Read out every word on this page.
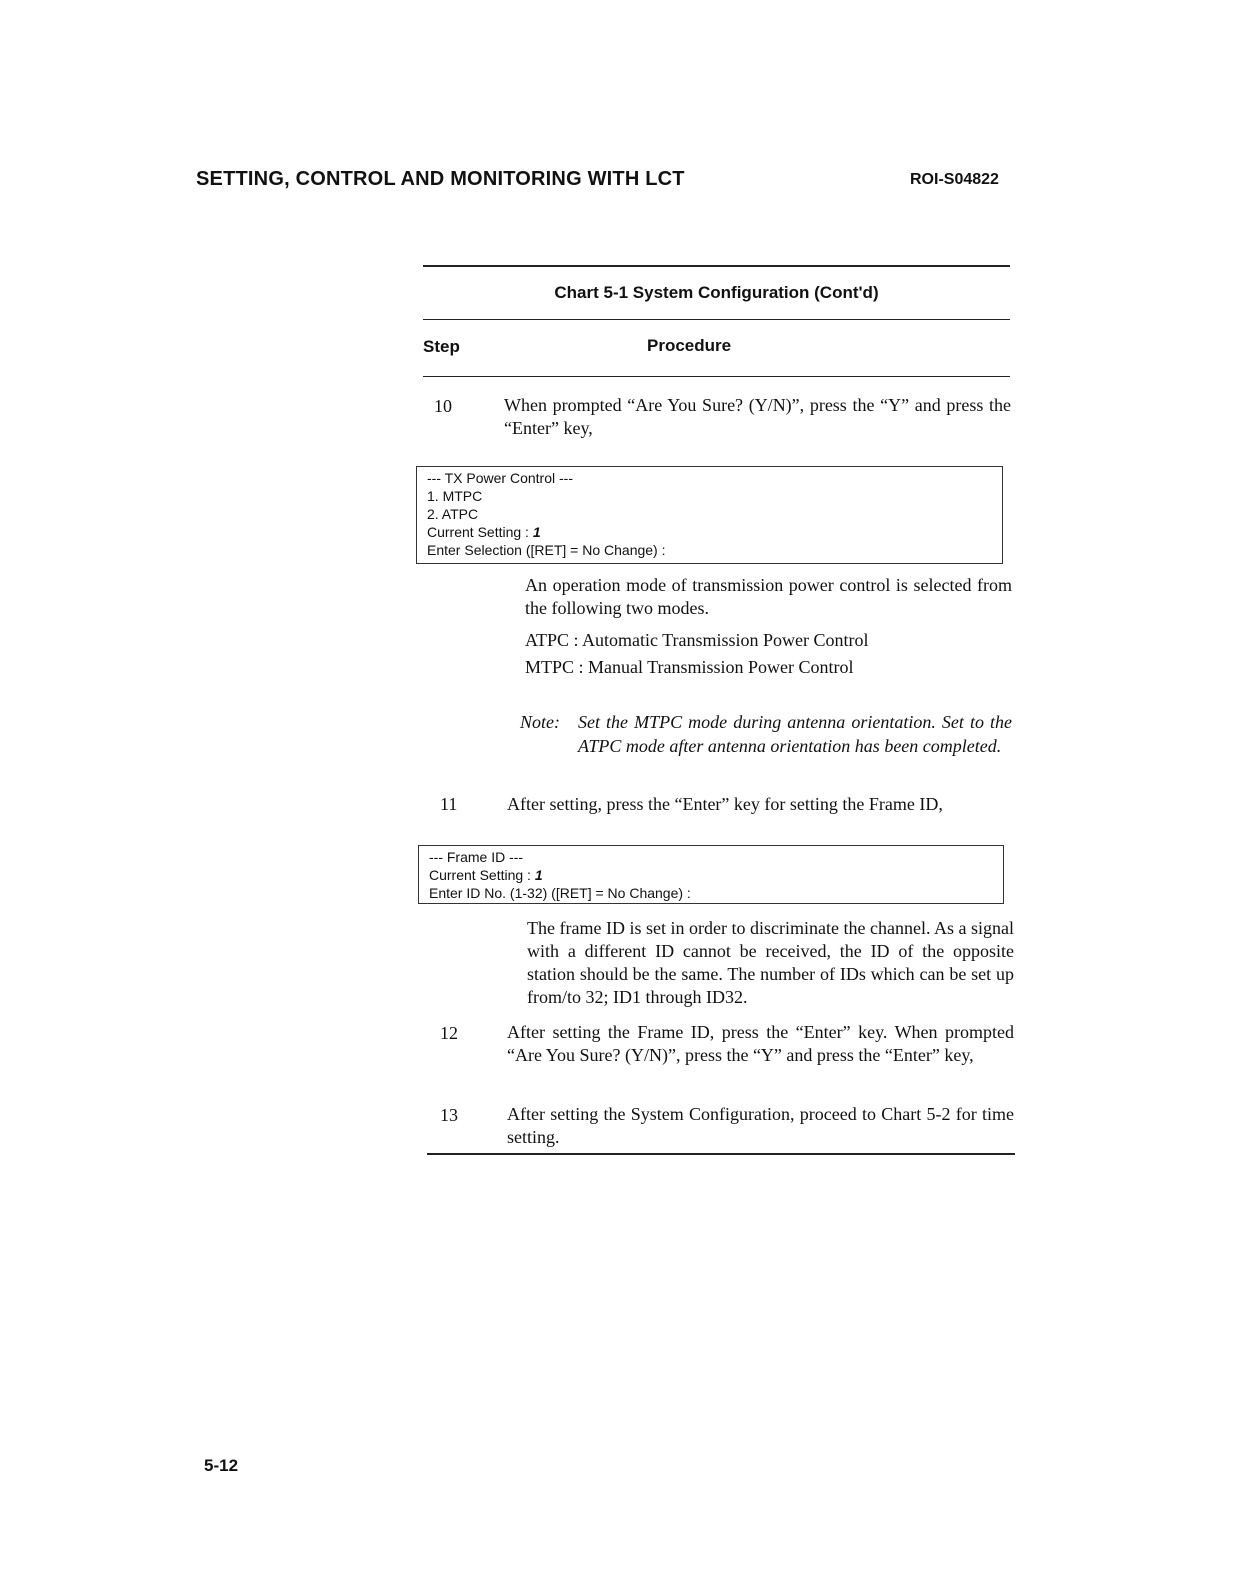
SETTING, CONTROL AND MONITORING WITH LCT	ROI-S04822
Chart 5-1 System Configuration (Cont'd)
Step	Procedure
10	When prompted “Are You Sure? (Y/N)”, press the “Y” and press the “Enter” key,
--- TX Power Control ---
1. MTPC
2. ATPC
Current Setting : 1
Enter Selection ([RET] = No Change) :
An operation mode of transmission power control is selected from the following two modes.
ATPC : Automatic Transmission Power Control
MTPC : Manual Transmission Power Control
Note: Set the MTPC mode during antenna orientation. Set to the ATPC mode after antenna orientation has been completed.
11	After setting, press the “Enter” key for setting the Frame ID,
--- Frame ID ---
Current Setting : 1
Enter ID No. (1-32) ([RET] = No Change) :
The frame ID is set in order to discriminate the channel. As a signal with a different ID cannot be received, the ID of the opposite station should be the same. The number of IDs which can be set up from/to 32; ID1 through ID32.
12	After setting the Frame ID, press the “Enter” key. When prompted “Are You Sure? (Y/N)”, press the “Y” and press the “Enter” key,
13	After setting the System Configuration, proceed to Chart 5-2 for time setting.
5-12
